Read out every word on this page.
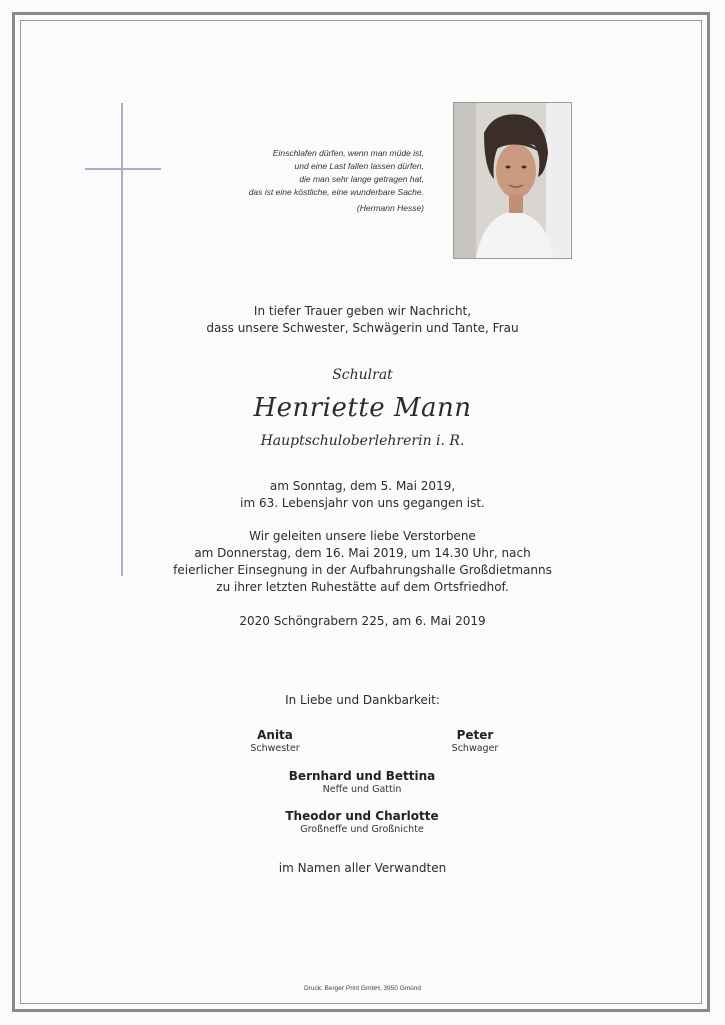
Einschlafen dürfen, wenn man müde ist,
und eine Last fallen lassen dürfen,
die man sehr lange getragen hat,
das ist eine köstliche, eine wunderbare Sache.
(Hermann Hesse)
In tiefer Trauer geben wir Nachricht,
dass unsere Schwester, Schwägerin und Tante, Frau
Schulrat
Henriette Mann
Hauptschuloberlehrerin i. R.
am Sonntag, dem 5. Mai 2019,
im 63. Lebensjahr von uns gegangen ist.
Wir geleiten unsere liebe Verstorbene
am Donnerstag, dem 16. Mai 2019, um 14.30 Uhr, nach
feierlicher Einsegnung in der Aufbahrungshalle Großdietmanns
zu ihrer letzten Ruhestätte auf dem Ortsfriedhof.
2020 Schöngrabern 225, am 6. Mai 2019
In Liebe und Dankbarkeit:
Anita
Schwester
Peter
Schwager
Bernhard und Bettina
Neffe und Gattin
Theodor und Charlotte
Großneffe und Großnichte
im Namen aller Verwandten
Druck: Berger Print GmbH, 3950 Gmünd
